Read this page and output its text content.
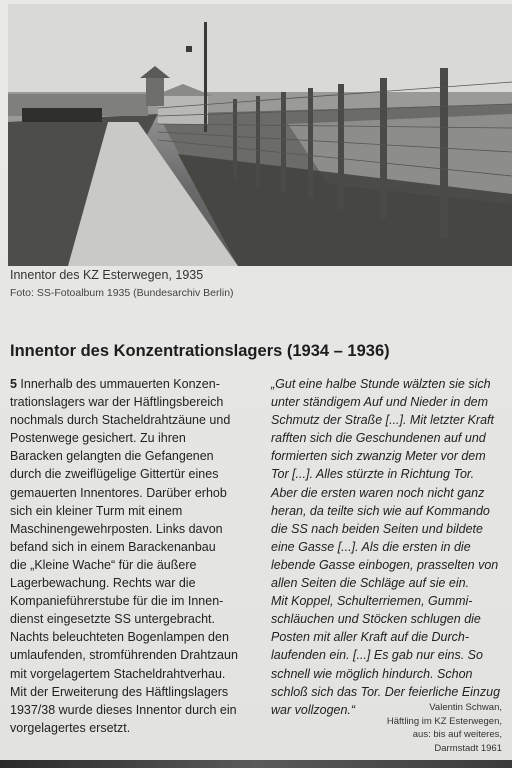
Innentor des KZ Esterwegen, 1935
Foto: SS-Fotoalbum 1935 (Bundesarchiv Berlin)
Innentor des Konzentrationslagers (1934 – 1936)
5 Innerhalb des ummauerten Konzen-
trationslagers war der Häftlingsbereich
nochmals durch Stacheldrahtzäune und
Postenwege gesichert. Zu ihren
Baracken gelangten die Gefangenen
durch die zweiflügelige Gittertür eines
gemauerten Innentores. Darüber erhob
sich ein kleiner Turm mit einem
Maschinengewehrposten. Links davon
befand sich in einem Barackenanbau
die „Kleine Wache“ für die äußere
Lagerbewachung. Rechts war die
Kompanieführerstube für die im Innen-
dienst eingesetzte SS untergebracht.
Nachts beleuchteten Bogenlampen den
umlaufenden, stromführenden Drahtzaun
mit vorgelagertem Stacheldrahtverhau.
Mit der Erweiterung des Häftlingslagers
1937/38 wurde dieses Innentor durch ein
vorgelagertes ersetzt.
„Gut eine halbe Stunde wälzten sie sich
unter ständigem Auf und Nieder in dem
Schmutz der Straße [...]. Mit letzter Kraft
rafften sich die Geschundenen auf und
formierten sich zwanzig Meter vor dem
Tor [...]. Alles stürzte in Richtung Tor.
Aber die ersten waren noch nicht ganz
heran, da teilte sich wie auf Kommando
die SS nach beiden Seiten und bildete
eine Gasse [...]. Als die ersten in die
lebende Gasse einbogen, prasselten von
allen Seiten die Schläge auf sie ein.
Mit Koppel, Schulterriemen, Gummi-
schläuchen und Stöcken schlugen die
Posten mit aller Kraft auf die Durch-
laufenden ein. [...] Es gab nur eins. So
schnell wie möglich hindurch. Schon
schloß sich das Tor. Der feierliche Einzug
war vollzogen.“	Valentin Schwan,
Häftling im KZ Esterwegen,
aus: bis auf weiteres,
Darmstadt 1961
